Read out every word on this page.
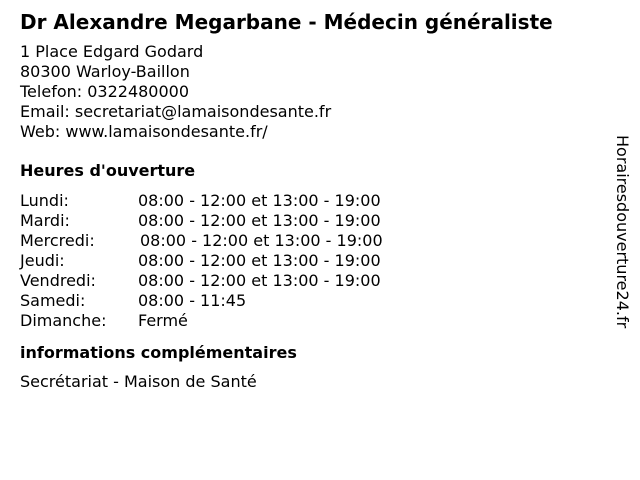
Dr Alexandre Megarbane - Médecin généraliste
1 Place Edgard Godard
80300 Warloy-Baillon
Telefon: 0322480000
Email: secretariat@lamaisondesante.fr
Web: www.lamaisondesante.fr/
Heures d'ouverture
Lundi:	08:00 - 12:00 et 13:00 - 19:00
Mardi:	08:00 - 12:00 et 13:00 - 19:00
Mercredi:	08:00 - 12:00 et 13:00 - 19:00
Jeudi:	08:00 - 12:00 et 13:00 - 19:00
Vendredi:	08:00 - 12:00 et 13:00 - 19:00
Samedi:	08:00 - 11:45
Dimanche: Fermé
informations complémentaires
Secrétariat - Maison de Santé
Horairesdouverture24.fr
